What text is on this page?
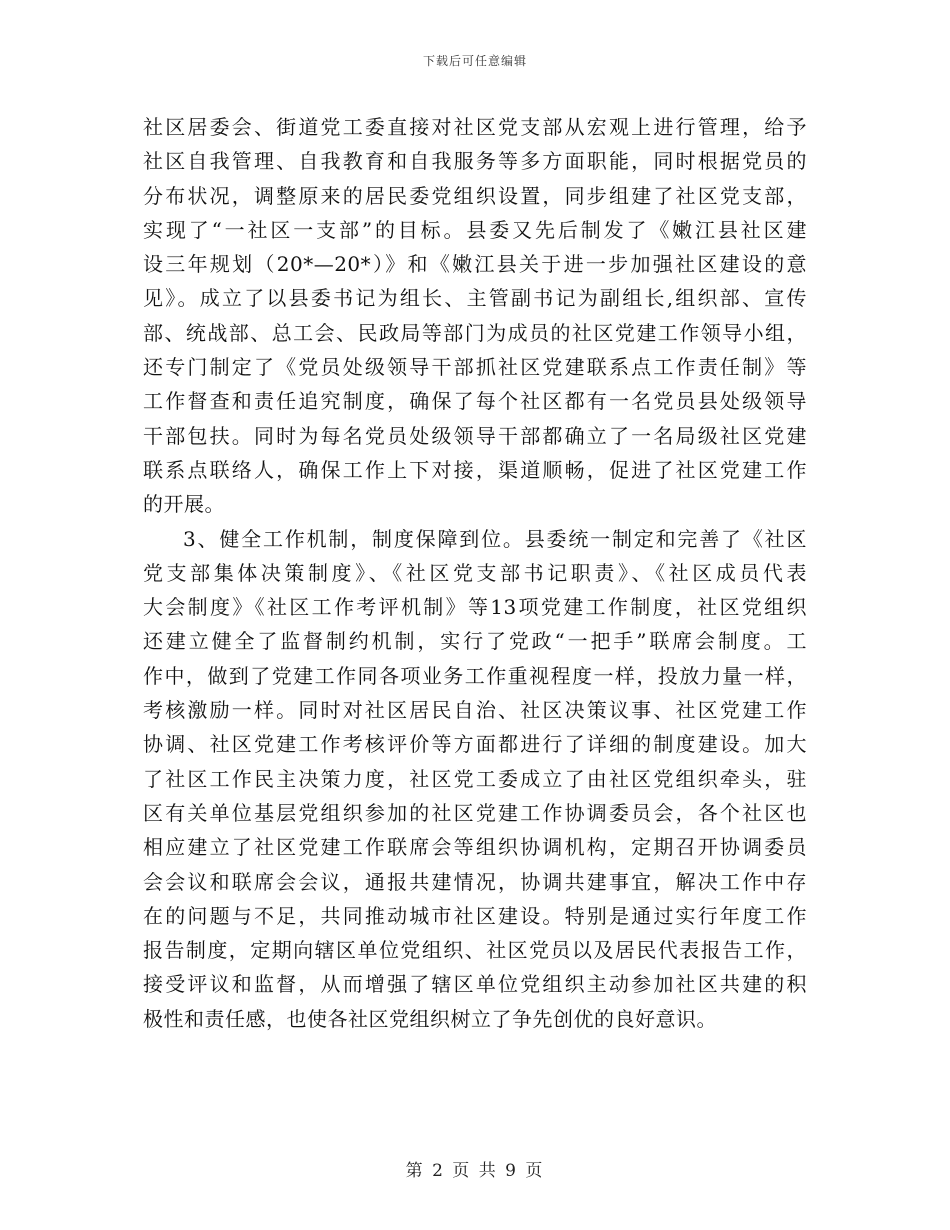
下载后可任意编辑
社区居委会、街道党工委直接对社区党支部从宏观上进行管理，给予
社区自我管理、自我教育和自我服务等多方面职能，同时根据党员的
分布状况，调整原来的居民委党组织设置，同步组建了社区党支部，
实现了“一社区一支部”的目标。县委又先后制发了《嫩江县社区建
设三年规划（20*—20*）》和《嫩江县关于进一步加强社区建设的意
见》。成立了以县委书记为组长、主管副书记为副组长,组织部、宣传
部、统战部、总工会、民政局等部门为成员的社区党建工作领导小组，
还专门制定了《党员处级领导干部抓社区党建联系点工作责任制》等
工作督查和责任追究制度，确保了每个社区都有一名党员县处级领导
干部包扶。同时为每名党员处级领导干部都确立了一名局级社区党建
联系点联络人，确保工作上下对接，渠道顺畅，促进了社区党建工作
的开展。
3、健全工作机制，制度保障到位。县委统一制定和完善了《社区
党支部集体决策制度》、《社区党支部书记职责》、《社区成员代表
大会制度》《社区工作考评机制》等13项党建工作制度，社区党组织
还建立健全了监督制约机制，实行了党政“一把手”联席会制度。工
作中，做到了党建工作同各项业务工作重视程度一样，投放力量一样，
考核激励一样。同时对社区居民自治、社区决策议事、社区党建工作
协调、社区党建工作考核评价等方面都进行了详细的制度建设。加大
了社区工作民主决策力度，社区党工委成立了由社区党组织牵头，驻
区有关单位基层党组织参加的社区党建工作协调委员会，各个社区也
相应建立了社区党建工作联席会等组织协调机构，定期召开协调委员
会会议和联席会会议，通报共建情况，协调共建事宜，解决工作中存
在的问题与不足，共同推动城市社区建设。特别是通过实行年度工作
报告制度，定期向辖区单位党组织、社区党员以及居民代表报告工作，
接受评议和监督，从而增强了辖区单位党组织主动参加社区共建的积
极性和责任感，也使各社区党组织树立了争先创优的良好意识。
第 2 页 共 9 页
